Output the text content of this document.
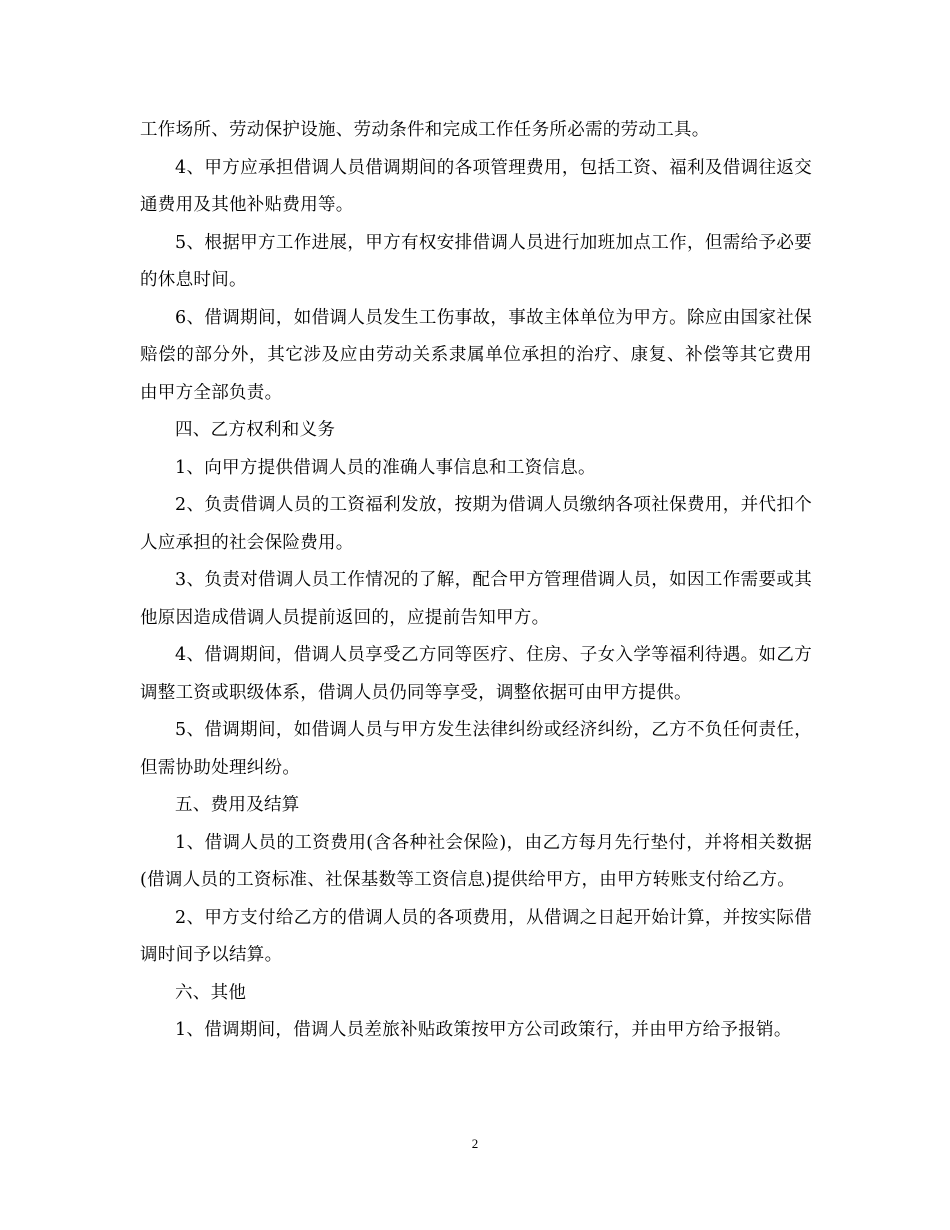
工作场所、劳动保护设施、劳动条件和完成工作任务所必需的劳动工具。

4、甲方应承担借调人员借调期间的各项管理费用，包括工资、福利及借调往返交通费用及其他补贴费用等。

5、根据甲方工作进展，甲方有权安排借调人员进行加班加点工作，但需给予必要的休息时间。

6、借调期间，如借调人员发生工伤事故，事故主体单位为甲方。除应由国家社保赔偿的部分外，其它涉及应由劳动关系隶属单位承担的治疗、康复、补偿等其它费用由甲方全部负责。

四、乙方权利和义务

1、向甲方提供借调人员的准确人事信息和工资信息。

2、负责借调人员的工资福利发放，按期为借调人员缴纳各项社保费用，并代扣个人应承担的社会保险费用。

3、负责对借调人员工作情况的了解，配合甲方管理借调人员，如因工作需要或其他原因造成借调人员提前返回的，应提前告知甲方。

4、借调期间，借调人员享受乙方同等医疗、住房、子女入学等福利待遇。如乙方调整工资或职级体系，借调人员仍同等享受，调整依据可由甲方提供。

5、借调期间，如借调人员与甲方发生法律纠纷或经济纠纷，乙方不负任何责任，但需协助处理纠纷。

五、费用及结算

1、借调人员的工资费用(含各种社会保险)，由乙方每月先行垫付，并将相关数据(借调人员的工资标准、社保基数等工资信息)提供给甲方，由甲方转账支付给乙方。

2、甲方支付给乙方的借调人员的各项费用，从借调之日起开始计算，并按实际借调时间予以结算。

六、其他

1、借调期间，借调人员差旅补贴政策按甲方公司政策行，并由甲方给予报销。

2
